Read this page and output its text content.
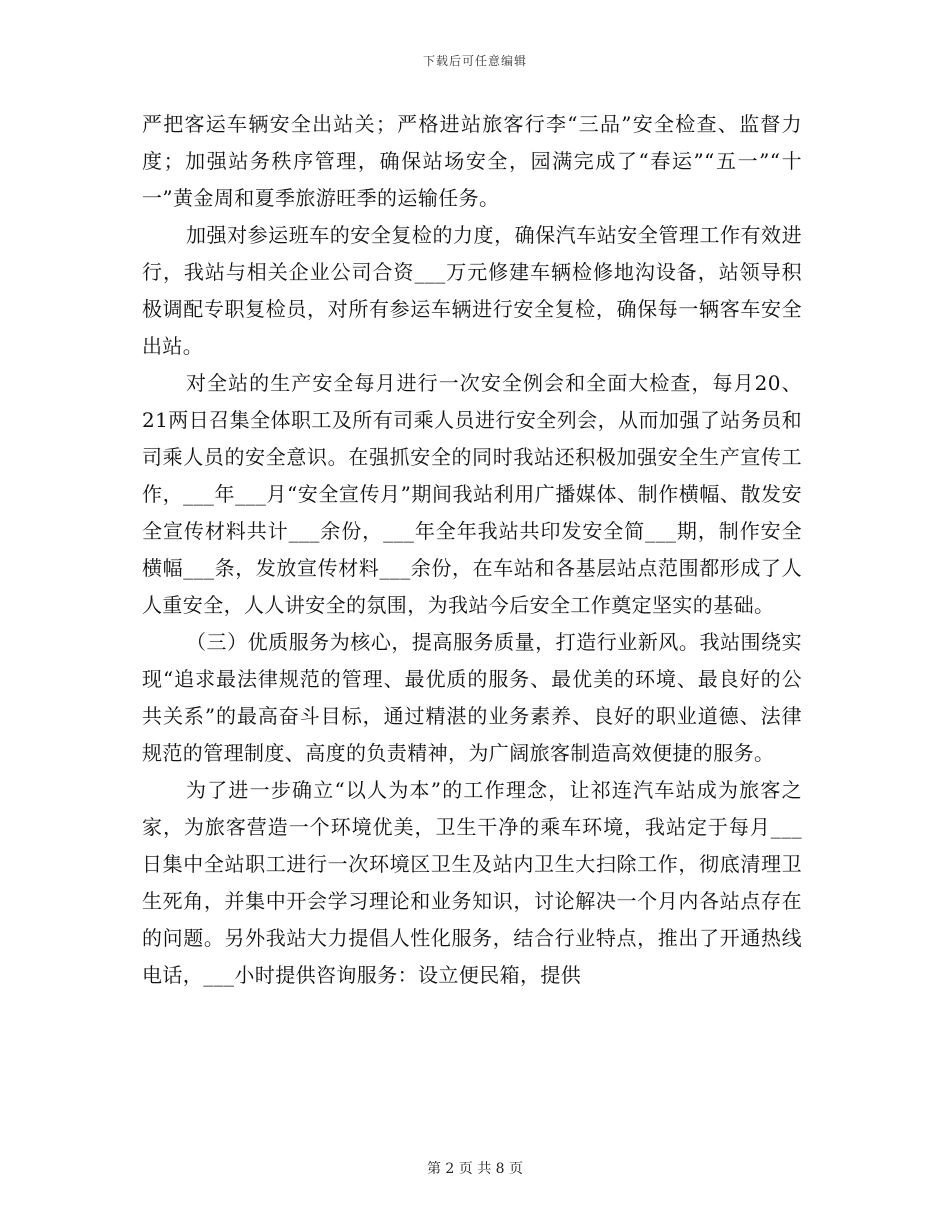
下载后可任意编辑

严把客运车辆安全出站关；严格进站旅客行李“三品”安全检查、监督力度；加强站务秩序管理，确保站场安全，园满完成了“春运”“五一”“十一”黄金周和夏季旅游旺季的运输任务。

加强对参运班车的安全复检的力度，确保汽车站安全管理工作有效进行，我站与相关企业公司合资___万元修建车辆检修地沟设备，站领导积极调配专职复检员，对所有参运车辆进行安全复检，确保每一辆客车安全出站。

对全站的生产安全每月进行一次安全例会和全面大检查，每月20、21两日召集全体职工及所有司乘人员进行安全列会，从而加强了站务员和司乘人员的安全意识。在强抓安全的同时我站还积极加强安全生产宣传工作，___年___月“安全宣传月”期间我站利用广播媒体、制作横幅、散发安全宣传材料共计___余份，___年全年我站共印发安全简___期，制作安全横幅___条，发放宣传材料___余份，在车站和各基层站点范围都形成了人人重安全，人人讲安全的氛围，为我站今后安全工作奠定坚实的基础。

（三）优质服务为核心，提高服务质量，打造行业新风。我站围绕实现“追求最法律规范的管理、最优质的服务、最优美的环境、最良好的公共关系”的最高奋斗目标，通过精湛的业务素养、良好的职业道德、法律规范的管理制度、高度的负责精神，为广阔旅客制造高效便捷的服务。

为了进一步确立“以人为本”的工作理念，让祁连汽车站成为旅客之家，为旅客营造一个环境优美，卫生干净的乘车环境，我站定于每月___日集中全站职工进行一次环境区卫生及站内卫生大扫除工作，彻底清理卫生死角，并集中开会学习理论和业务知识，讨论解决一个月内各站点存在的问题。另外我站大力提倡人性化服务，结合行业特点，推出了开通热线电话，___小时提供咨询服务：设立便民箱，提供

第 2 页 共 8 页
